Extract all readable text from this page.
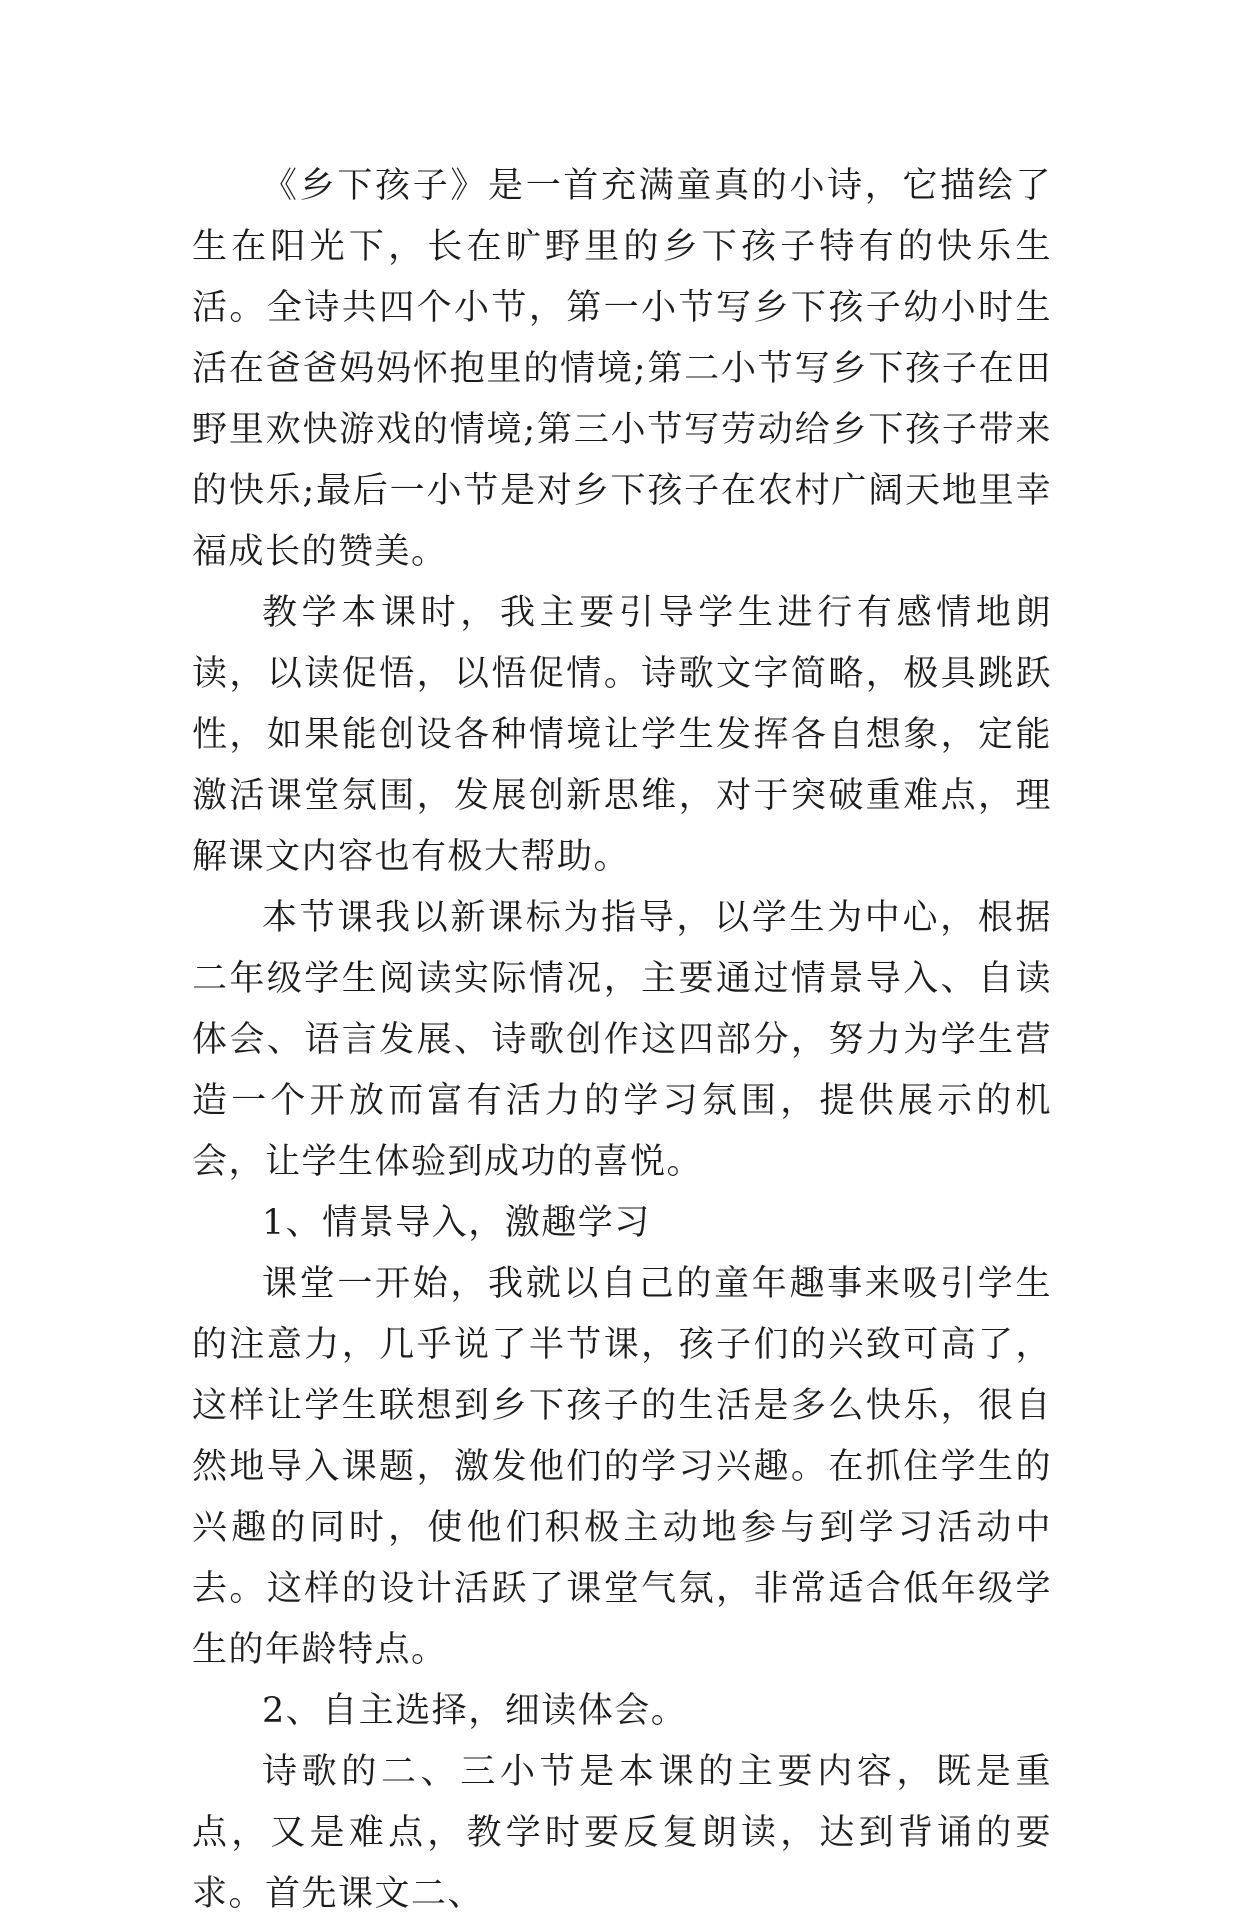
《乡下孩子》是一首充满童真的小诗，它描绘了生在阳光下，长在旷野里的乡下孩子特有的快乐生活。全诗共四个小节，第一小节写乡下孩子幼小时生活在爸爸妈妈怀抱里的情境;第二小节写乡下孩子在田野里欢快游戏的情境;第三小节写劳动给乡下孩子带来的快乐;最后一小节是对乡下孩子在农村广阔天地里幸福成长的赞美。

教学本课时，我主要引导学生进行有感情地朗读，以读促悟，以悟促情。诗歌文字简略，极具跳跃性，如果能创设各种情境让学生发挥各自想象，定能激活课堂氛围，发展创新思维，对于突破重难点，理解课文内容也有极大帮助。

本节课我以新课标为指导，以学生为中心，根据二年级学生阅读实际情况，主要通过情景导入、自读体会、语言发展、诗歌创作这四部分，努力为学生营造一个开放而富有活力的学习氛围，提供展示的机会，让学生体验到成功的喜悦。

1、情景导入，激趣学习

课堂一开始，我就以自己的童年趣事来吸引学生的注意力，几乎说了半节课，孩子们的兴致可高了，这样让学生联想到乡下孩子的生活是多么快乐，很自然地导入课题，激发他们的学习兴趣。在抓住学生的兴趣的同时，使他们积极主动地参与到学习活动中去。这样的设计活跃了课堂气氛，非常适合低年级学生的年龄特点。

2、自主选择，细读体会。

诗歌的二、三小节是本课的主要内容，既是重点，又是难点，教学时要反复朗读，达到背诵的要求。首先课文二、
